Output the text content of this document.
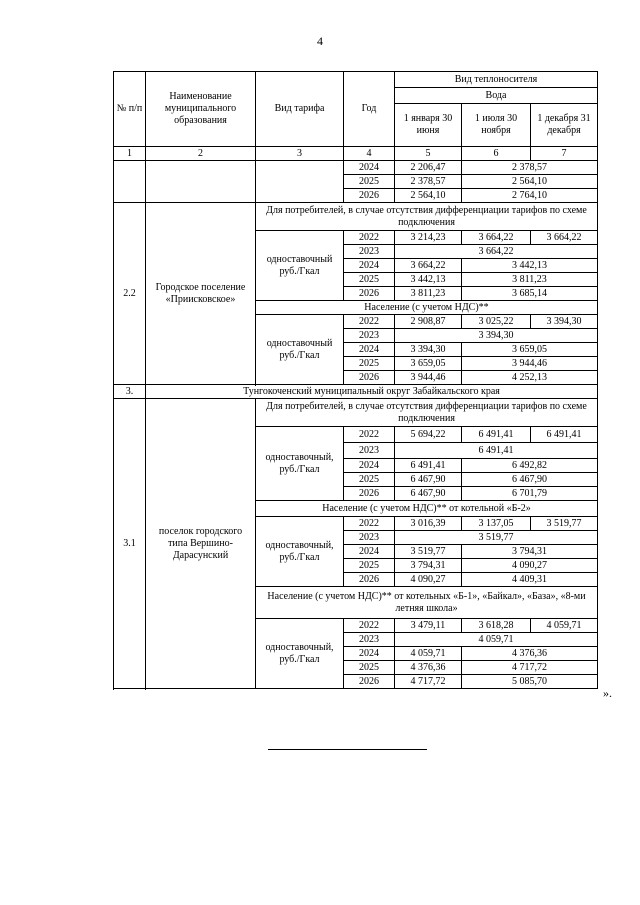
4
№ п/п	Наименование муниципального образования	Вид тарифа	Год	Вид теплоносителя		
				Вода		
				1 января 30 июня	1 июля 30 ноября	1 декабря 31 декабря
1	2	3	4	5	6	7
			2024	2 206,47	2 378,57	
			2025	2 378,57	2 564,10	
			2026	2 564,10	2 764,10	
2.2	Городское поселение «Приисковское»	Для потребителей, в случае отсутствия дифференциации тарифов по схеме подключения				
		одноставочный руб./Гкал	2022	3 214,23	3 664,22	3 664,22
			2023	3 664,22		
			2024	3 664,22	3 442,13	
			2025	3 442,13	3 811,23	
			2026	3 811,23	3 685,14	
		Население (с учетом НДС)**				
		одноставочный руб./Гкал	2022	2 908,87	3 025,22	3 394,30
			2023	3 394,30		
			2024	3 394,30	3 659,05	
			2025	3 659,05	3 944,46	
			2026	3 944,46	4 252,13	

3.	Тунгокоченский муниципальный округ Забайкальского края					
3.1	поселок городского типа Вершино-Дарасунский	Для потребителей, в случае отсутствия дифференциации тарифов по схеме подключения				
		одноставочный, руб./Гкал	2022	5 694,22	6 491,41	6 491,41
			2023	6 491,41		
			2024	6 491,41	6 492,82	
			2025	6 467,90	6 467,90	
			2026	6 467,90	6 701,79	
		Население (с учетом НДС)** от котельной «Б-2»				
		одноставочный, руб./Гкал	2022	3 016,39	3 137,05	3 519,77
			2023	3 519,77		
			2024	3 519,77	3 794,31	
			2025	3 794,31	4 090,27	
			2026	4 090,27	4 409,31	
		Население (с учетом НДС)** от котельных «Б-1», «Байкал», «База», «8-ми летняя школа»				
		одноставочный, руб./Гкал	2022	3 479,11	3 618,28	4 059,71
			2023	4 059,71		
			2024	4 059,71	4 376,36	
			2025	4 376,36	4 717,72	
			2026	4 717,72	5 085,70	

».
